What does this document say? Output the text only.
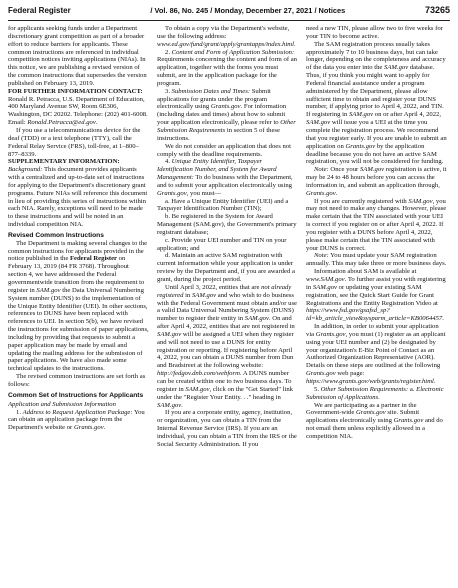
Federal Register	/ Vol. 86, No. 245 / Monday, December 27, 2021 / Notices	73265

for applicants seeking funds under a Department discretionary grant competition as part of a broader effort to reduce barriers for applicants. These common instructions are referenced in individual competition notices inviting applications (NIAs). In this notice, we are publishing a revised version of the common instructions that supersedes the version published on February 13, 2019.

FOR FURTHER INFORMATION CONTACT: Ronald R. Petracca, U.S. Department of Education, 400 Maryland Avenue SW, Room 6E306, Washington, DC 20202. Telephone: (202) 401-6008. Email: Ronald.Petracca@ed.gov.

If you use a telecommunications device for the deaf (TDD) or a text telephone (TTY), call the Federal Relay Service (FRS), toll-free, at 1–800–877–8339.

SUPPLEMENTARY INFORMATION: Background: This document provides applicants with a centralized and up-to-date set of instructions for applying to the Department's discretionary grant programs. Future NIAs will reference this document in lieu of providing this series of instructions within each NIA. Rarely, exceptions will need to be made to these instructions and will be noted in an individual competition NIA.

Revised Common Instructions

The Department is making several changes to the common instructions for applicants provided in the notice published in the Federal Register on February 13, 2019 (84 FR 3768). Throughout section 4, we have addressed the Federal governmentwide transition from the requirement to register in SAM.gov the Data Universal Numbering System number (DUNS) to the implementation of the Unique Entity Identifier (UEI). In other sections, references to DUNS have been replaced with references to UEI. In section 5(b), we have revised the instructions for submission of paper applications, including by providing that requests to submit a paper application may be made by email and updating the mailing address for the submission of paper applications. We have also made some technical updates to the instructions.

The revised common instructions are set forth as follows:

Common Set of Instructions for Applicants

Application and Submission Information

1. Address to Request Application Package: You can obtain an application package from the Department's website or Grants.gov.

To obtain a copy via the Department's website, use the following address: www.ed.gov/fund/grant/apply/grantapps/index.html.

2. Content and Form of Application Submission: Requirements concerning the content and form of an application, together with the forms you must submit, are in the application package for the program.

3. Submission Dates and Times: Submit applications for grants under the program electronically using Grants.gov. For information (including dates and times) about how to submit your application electronically, please refer to Other Submission Requirements in section 5 of these instructions.

We do not consider an application that does not comply with the deadline requirements.

4. Unique Entity Identifier, Taxpayer Identification Number, and System for Award Management: To do business with the Department, and to submit your application electronically using Grants.gov, you must—

a. Have a Unique Entity Identifier (UEI) and a Taxpayer Identification Number (TIN);

b. Be registered in the System for Award Management (SAM.gov), the Government's primary registrant database;

c. Provide your UEI number and TIN on your application; and

d. Maintain an active SAM registration with current information while your application is under review by the Department and, if you are awarded a grant, during the project period.

Until April 3, 2022, entities that are not already registered in SAM.gov and who wish to do business with the Federal Government must obtain and/or use a valid Data Universal Numbering System (DUNS) number to register their entity in SAM.gov. On and after April 4, 2022, entities that are not registered in SAM.gov will be assigned a UEI when they register and will not need to use a DUNS for entity registration or reporting. If registering before April 4, 2022, you can obtain a DUNS number from Dun and Bradstreet at the following website: http://fedgov.dnb.com/webform. A DUNS number can be created within one to two business days. To register in SAM.gov, click on the "Get Started" link under the "Register Your Entity. . ." heading in SAM.gov.

If you are a corporate entity, agency, institution, or organization, you can obtain a TIN from the Internal Revenue Service (IRS). If you are an individual, you can obtain a TIN from the IRS or the Social Security Administration. If you

need a new TIN, please allow two to five weeks for your TIN to become active.

The SAM registration process usually takes approximately 7 to 10 business days, but can take longer, depending on the completeness and accuracy of the data you enter into the SAM.gov database. Thus, if you think you might want to apply for Federal financial assistance under a program administered by the Department, please allow sufficient time to obtain and register your DUNS number, if applying prior to April 4, 2022, and TIN. If registering in SAM.gov on or after April 4, 2022, SAM.gov will issue you a UEI at the time you complete the registration process. We recommend that you register early. If you are unable to submit an application on Grants.gov by the application deadline because you do not have an active SAM registration, you will not be considered for funding.

Note: Once your SAM.gov registration is active, it may be 24 to 48 hours before you can access the information in, and submit an application through, Grants.gov.

If you are currently registered with SAM.gov, you may not need to make any changes. However, please make certain that the TIN associated with your UEI is correct if you register on or after April 4, 2022. If you register with a DUNS before April 4, 2022, please make certain that the TIN associated with your DUNS is correct.

Note: You must update your SAM registration annually. This may take three or more business days.

Information about SAM is available at www.SAM.gov. To further assist you with registering in SAM.gov or updating your existing SAM registration, see the Quick Start Guide for Grant Registrations and the Entity Registration Video at https://www.fsd.gov/gsafsd_sp?id=kb_article_view&sysparm_article=KB0064457.

In addition, in order to submit your application via Grants.gov, you must (1) register as an applicant using your UEI number and (2) be designated by your organization's E-Biz Point of Contact as an Authorized Organization Representative (AOR). Details on these steps are outlined at the following Grants.gov web page: https://www.grants.gov/web/grants/register.html.

5. Other Submission Requirements: a. Electronic Submission of Applications.

We are participating as a partner in the Government-wide Grants.gov site. Submit applications electronically using Grants.gov and do not email them unless explicitly allowed in a competition NIA.
